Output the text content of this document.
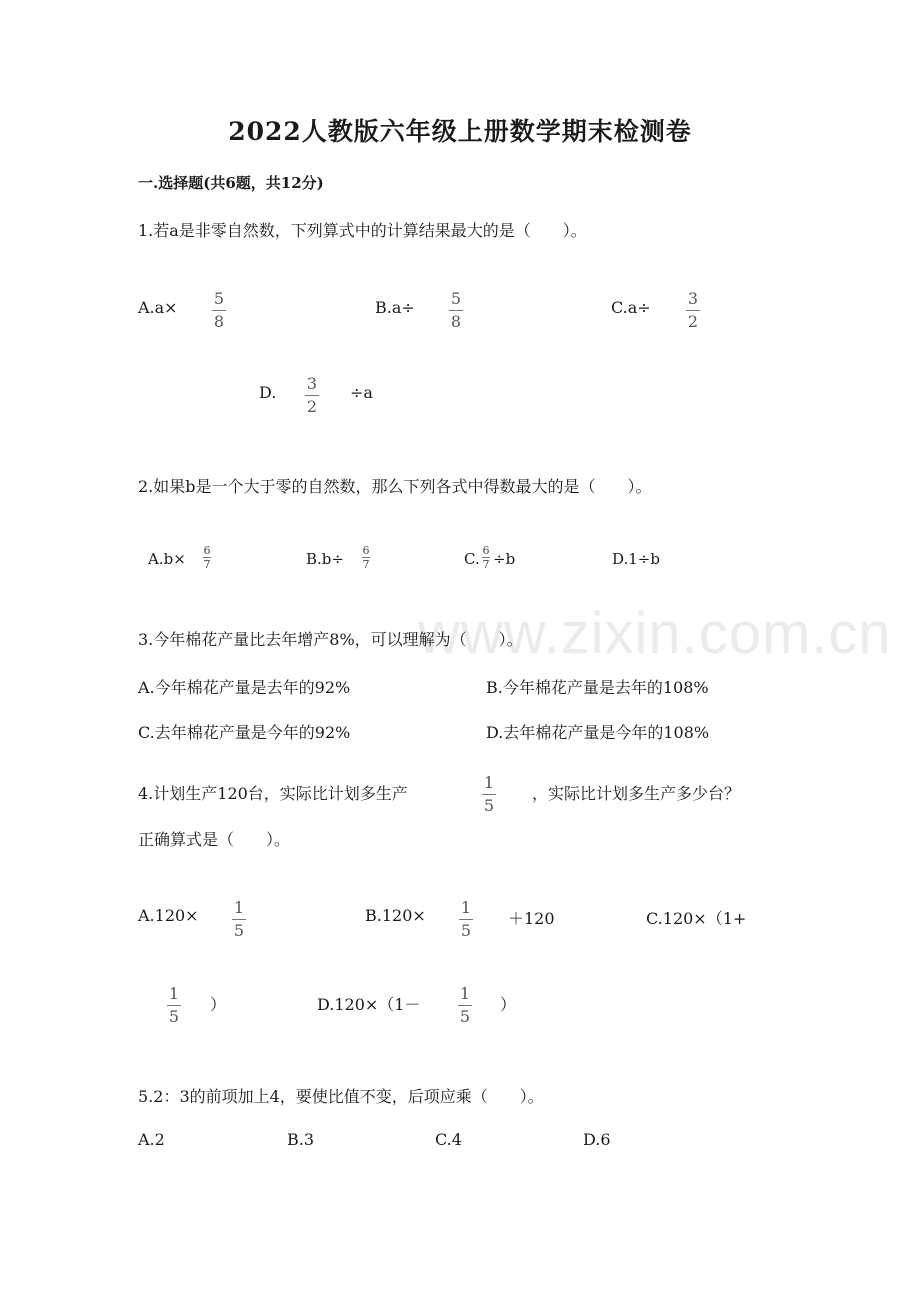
www.zixin.com.cn
2022人教版六年级上册数学期末检测卷
一.选择题(共6题，共12分)
1.若a是非零自然数，下列算式中的计算结果最大的是（　　）。
A.a× 5
8
B.a÷ 5
8
C.a÷ 3
2
D. 3
2
÷a
2.如果b是一个大于零的自然数，那么下列各式中得数最大的是（　　）。
A.b× 6
7	B.b÷ 6
7	C. 6
7 ÷b	D.1÷b
3.今年棉花产量比去年增产8%，可以理解为（　　）。
A.今年棉花产量是去年的92%	B.今年棉花产量是去年的108%
C.去年棉花产量是今年的92%	D.去年棉花产量是今年的108%
4.计划生产120台，实际比计划多生产
1
5
，实际比计划多生产多少台？
正确算式是（　　）。
A.120× 1
5
B.120× 1
5
＋120	C.120×（1+
1
5
）	D.120×（1－
1
5
）
5.2：3的前项加上4，要使比值不变，后项应乘（　　）。
A.2	B.3	C.4	D.6
